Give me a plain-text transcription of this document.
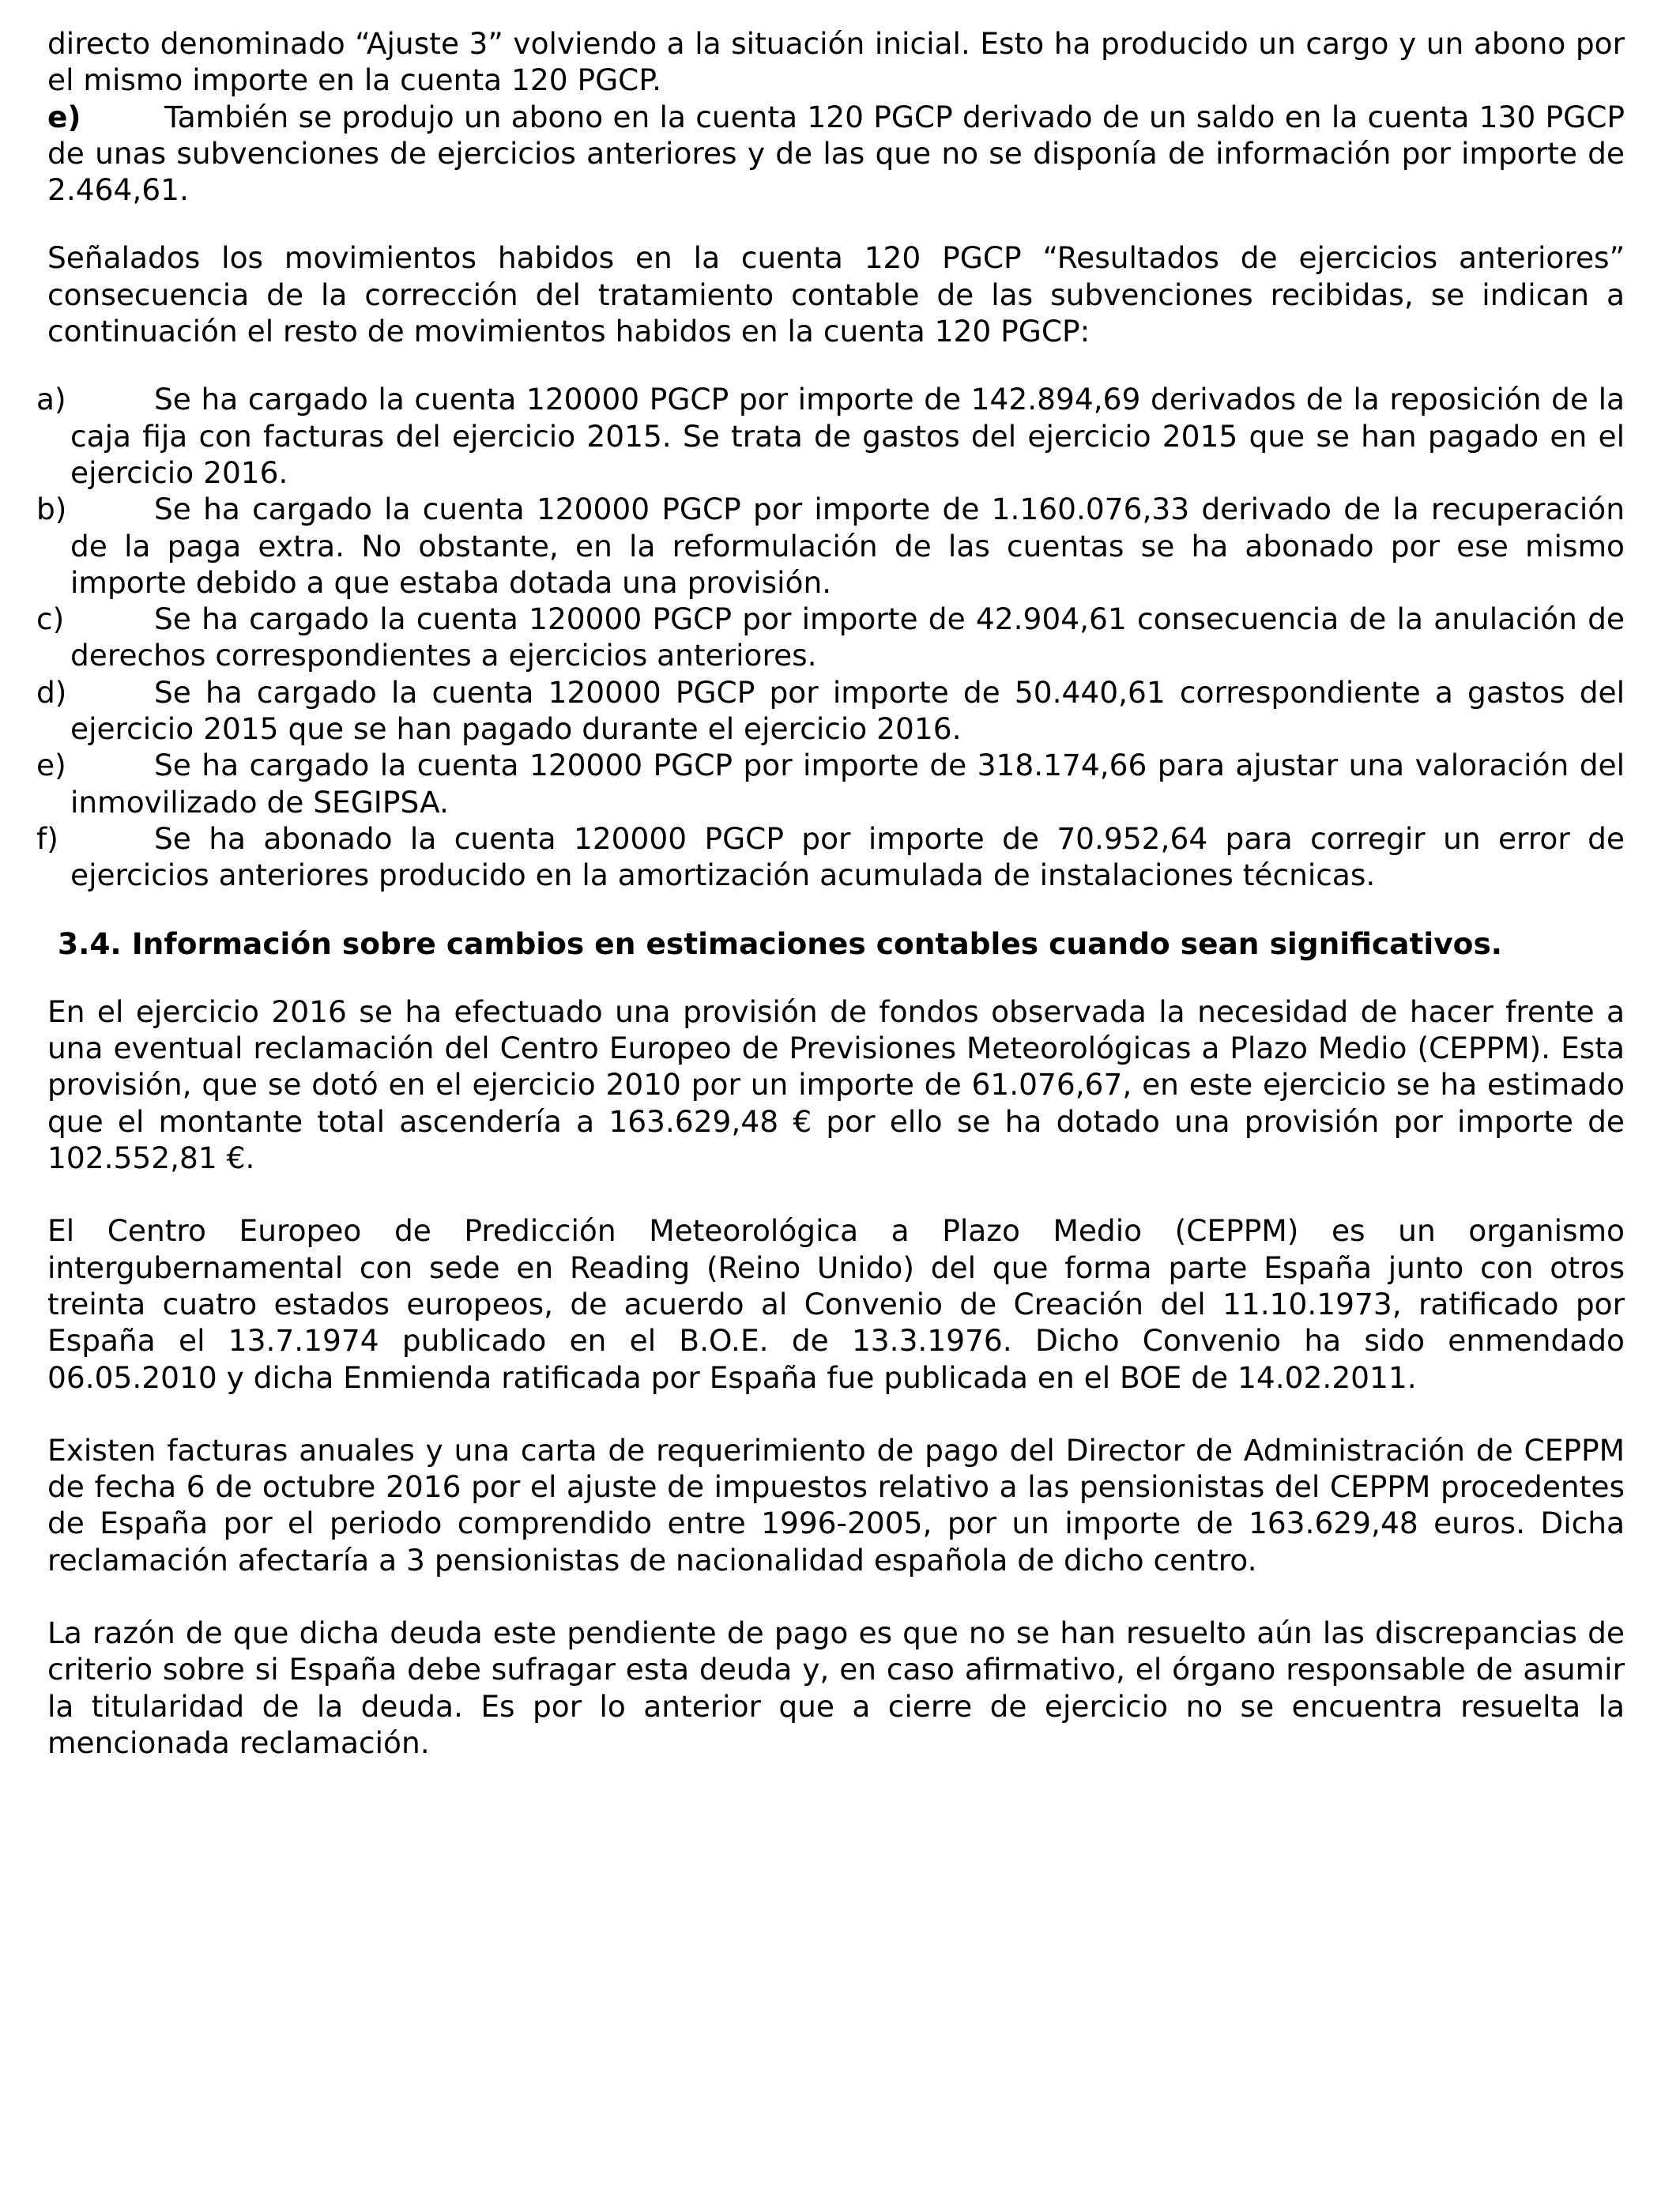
directo denominado “Ajuste 3” volviendo a la situación inicial. Esto ha producido un cargo y un abono por el mismo importe en la cuenta 120 PGCP.

e)	También se produjo un abono en la cuenta 120 PGCP derivado de un saldo en la cuenta 130 PGCP de unas subvenciones de ejercicios anteriores y de las que no se disponía de información por importe de 2.464,61.

Señalados los movimientos habidos en la cuenta 120 PGCP “Resultados de ejercicios anteriores” consecuencia de la corrección del tratamiento contable de las subvenciones recibidas, se indican a continuación el resto de movimientos habidos en la cuenta 120 PGCP:

a)	Se ha cargado la cuenta 120000 PGCP por importe de 142.894,69 derivados de la reposición de la caja fija con facturas del ejercicio 2015. Se trata de gastos del ejercicio 2015 que se han pagado en el ejercicio 2016.

b)	Se ha cargado la cuenta 120000 PGCP por importe de 1.160.076,33 derivado de la recuperación de la paga extra. No obstante, en la reformulación de las cuentas se ha abonado por ese mismo importe debido a que estaba dotada una provisión.

c)	Se ha cargado la cuenta 120000 PGCP por importe de 42.904,61 consecuencia de la anulación de derechos correspondientes a ejercicios anteriores.

d)	Se ha cargado la cuenta 120000 PGCP por importe de 50.440,61 correspondiente a gastos del ejercicio 2015 que se han pagado durante el ejercicio 2016.

e)	Se ha cargado la cuenta 120000 PGCP por importe de 318.174,66 para ajustar una valoración del inmovilizado de SEGIPSA.

f)	Se ha abonado la cuenta 120000 PGCP por importe de 70.952,64 para corregir un error de ejercicios anteriores producido en la amortización acumulada de instalaciones técnicas.

3.4. Información sobre cambios en estimaciones contables cuando sean significativos.

En el ejercicio 2016 se ha efectuado una provisión de fondos observada la necesidad de hacer frente a una eventual reclamación del Centro Europeo de Previsiones Meteorológicas a Plazo Medio (CEPPM). Esta provisión, que se dotó en el ejercicio 2010 por un importe de 61.076,67, en este ejercicio se ha estimado que el montante total ascendería a 163.629,48 € por ello se ha dotado una provisión por importe de 102.552,81 €.

El Centro Europeo de Predicción Meteorológica a Plazo Medio (CEPPM) es un organismo intergubernamental con sede en Reading (Reino Unido) del que forma parte España junto con otros treinta cuatro estados europeos, de acuerdo al Convenio de Creación del 11.10.1973, ratificado por España el 13.7.1974 publicado en el B.O.E. de 13.3.1976. Dicho Convenio ha sido enmendado 06.05.2010 y dicha Enmienda ratificada por España fue publicada en el BOE de 14.02.2011.

Existen facturas anuales y una carta de requerimiento de pago del Director de Administración de CEPPM de fecha 6 de octubre 2016 por el ajuste de impuestos relativo a las pensionistas del CEPPM procedentes de España por el periodo comprendido entre 1996-2005, por un importe de 163.629,48 euros. Dicha reclamación afectaría a 3 pensionistas de nacionalidad española de dicho centro.

La razón de que dicha deuda este pendiente de pago es que no se han resuelto aún las discrepancias de criterio sobre si España debe sufragar esta deuda y, en caso afirmativo, el órgano responsable de asumir la titularidad de la deuda. Es por lo anterior que a cierre de ejercicio no se encuentra resuelta la mencionada reclamación.
